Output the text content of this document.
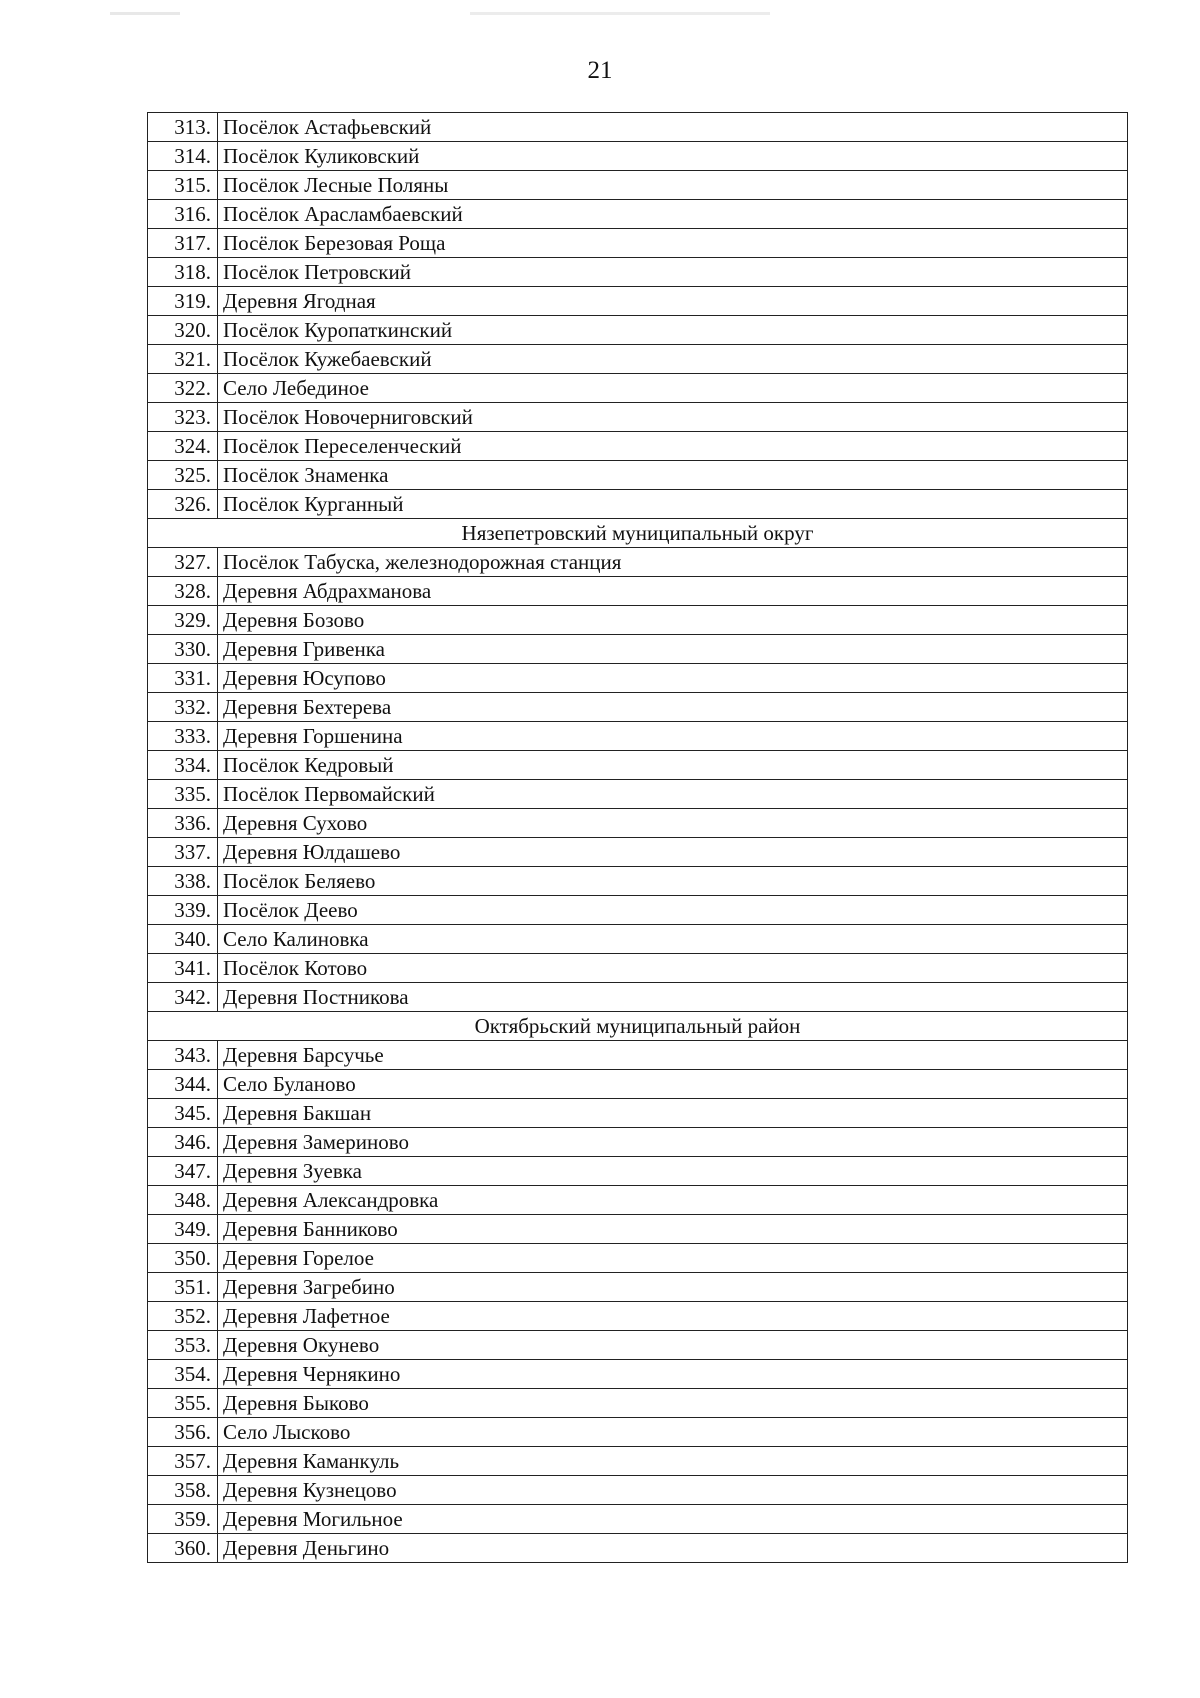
21
313.	Посёлок Астафьевский
314.	Посёлок Куликовский
315.	Посёлок Лесные Поляны
316.	Посёлок Араслaмбаевский
317.	Посёлок Березовая Роща
318.	Посёлок Петровский
319.	Деревня Ягодная
320.	Посёлок Куропаткинский
321.	Посёлок Кужебаевский
322.	Село Лебединое
323.	Посёлок Новочерниговский
324.	Посёлок Переселенческий
325.	Посёлок Знаменка
326.	Посёлок Курганный
Нязепетровский муниципальный округ	
327.	Посёлок Табуска, железнодорожная станция
328.	Деревня Абдрахманова
329.	Деревня Бозово
330.	Деревня Гривенка
331.	Деревня Юсупово
332.	Деревня Бехтерева
333.	Деревня Горшенина
334.	Посёлок Кедровый
335.	Посёлок Первомайский
336.	Деревня Сухово
337.	Деревня Юлдашево
338.	Посёлок Беляево
339.	Посёлок Деево
340.	Село Калиновка
341.	Посёлок Котово
342.	Деревня Постникова
Октябрьский муниципальный район	
343.	Деревня Барсучье
344.	Село Буланово
345.	Деревня Бакшан
346.	Деревня Замериново
347.	Деревня Зуевка
348.	Деревня Александровка
349.	Деревня Банниково
350.	Деревня Горелое
351.	Деревня Загребино
352.	Деревня Лафетное
353.	Деревня Окунево
354.	Деревня Чернякино
355.	Деревня Быково
356.	Село Лысково
357.	Деревня Каманкуль
358.	Деревня Кузнецово
359.	Деревня Могильное
360.	Деревня Деньгино
